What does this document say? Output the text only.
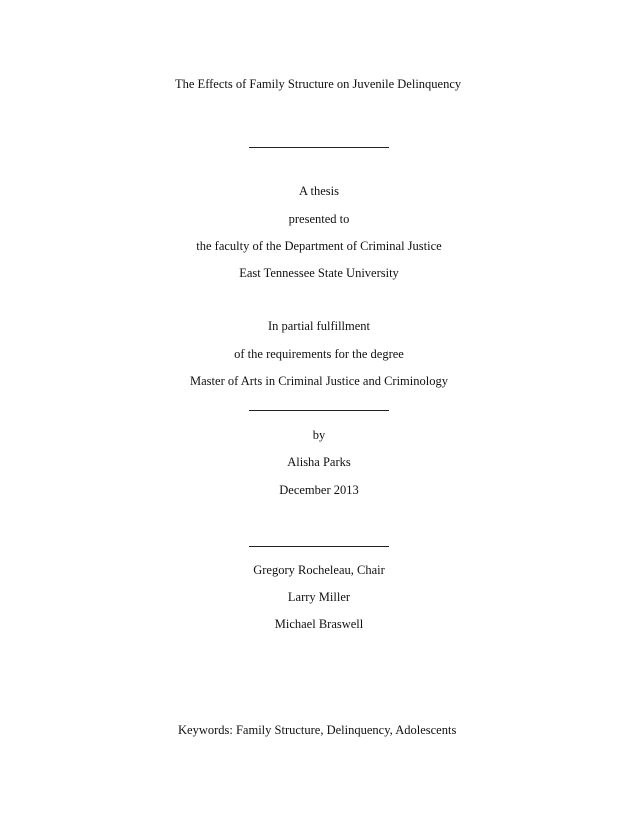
The Effects of Family Structure on Juvenile Delinquency
A thesis
presented to
the faculty of the Department of Criminal Justice
East Tennessee State University
In partial fulfillment
of the requirements for the degree
Master of Arts in Criminal Justice and Criminology
by
Alisha Parks
December 2013
Gregory Rocheleau, Chair
Larry Miller
Michael Braswell
Keywords: Family Structure, Delinquency, Adolescents
